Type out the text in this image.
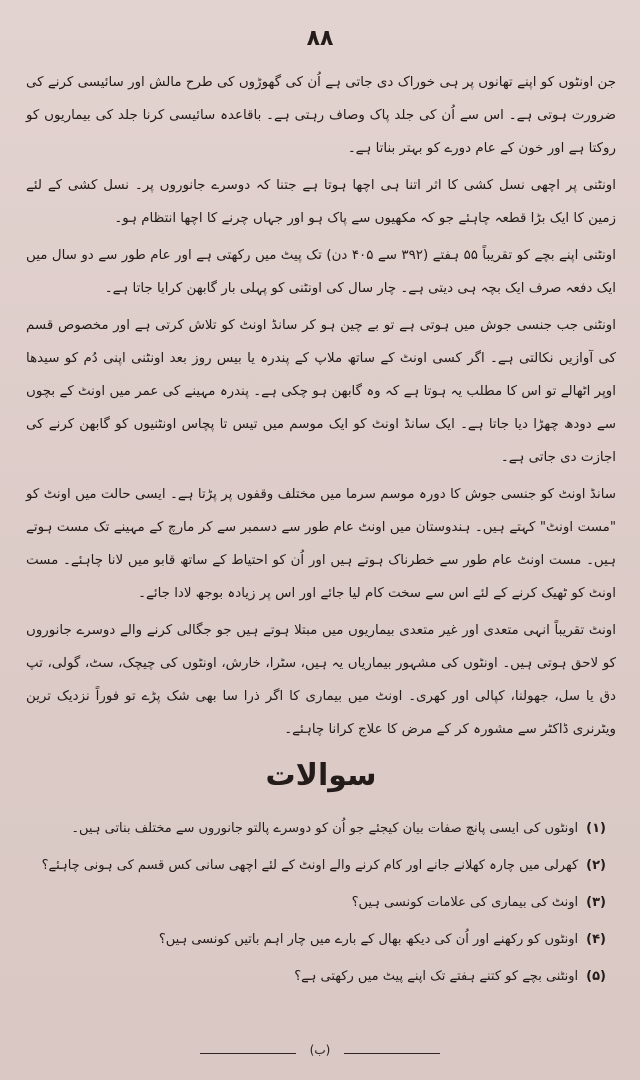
٨٨

جن اونٹوں کو اپنے تھانوں پر ہی خوراک دی جاتی ہے اُن کی گھوڑوں کی طرح مالش اور سائیسی کرنے کی ضرورت ہوتی ہے۔ اس سے اُن کی جلد پاک وصاف رہتی ہے۔ باقاعدہ سائیسی کرنا جلد کی بیماریوں کو روکتا ہے اور خون کے عام دورے کو بہتر بناتا ہے۔

اونٹنی پر اچھی نسل کشی کا اثر اتنا ہی اچھا ہوتا ہے جتنا کہ دوسرے جانوروں پر۔ نسل کشی کے لئے زمین کا ایک بڑا قطعہ چاہئے جو کہ مکھیوں سے پاک ہو اور جہاں چرنے کا اچھا انتظام ہو۔

اونٹنی اپنے بچے کو تقریباً ۵۵ ہفتے (۳۹۲ سے ۴۰۵ دن) تک پیٹ میں رکھتی ہے اور عام طور سے دو سال میں ایک دفعہ صرف ایک بچہ ہی دیتی ہے۔ چار سال کی اونٹنی کو پہلی بار گابھن کرایا جاتا ہے۔

اونٹنی جب جنسی جوش میں ہوتی ہے تو بے چین ہو کر سانڈ اونٹ کو تلاش کرتی ہے اور مخصوص قسم کی آوازیں نکالتی ہے۔ اگر کسی اونٹ کے ساتھ ملاپ کے پندرہ یا بیس روز بعد اونٹنی اپنی دُم کو سیدھا اوپر اٹھالے تو اس کا مطلب یہ ہوتا ہے کہ وہ گابھن ہو چکی ہے۔ پندرہ مہینے کی عمر میں اونٹ کے بچوں سے دودھ چھڑا دیا جاتا ہے۔ ایک سانڈ اونٹ کو ایک موسم میں تیس تا پچاس اونٹنیوں کو گابھن کرنے کی اجازت دی جاتی ہے۔

سانڈ اونٹ کو جنسی جوش کا دورہ موسم سرما میں مختلف وقفوں پر پڑتا ہے۔ ایسی حالت میں اونٹ کو "مست اونٹ" کہتے ہیں۔ ہندوستان میں اونٹ عام طور سے دسمبر سے کر مارچ کے مہینے تک مست ہوتے ہیں۔ مست اونٹ عام طور سے خطرناک ہوتے ہیں اور اُن کو احتیاط کے ساتھ قابو میں لانا چاہئے۔ مست اونٹ کو ٹھیک کرنے کے لئے اس سے سخت کام لیا جائے اور اس پر زیادہ بوجھ لادا جائے۔

اونٹ تقریباً انہی متعدی اور غیر متعدی بیماریوں میں مبتلا ہوتے ہیں جو جگالی کرنے والے دوسرے جانوروں کو لاحق ہوتی ہیں۔ اونٹوں کی مشہور بیماریاں یہ ہیں، سٹرا، خارش، اونٹوں کی چیچک، سٹ، گولی، تپ دق یا سل، جھولنا، کپالی اور کھری۔ اونٹ میں بیماری کا اگر ذرا سا بھی شک پڑے تو فوراً نزدیک ترین ویٹرنری ڈاکٹر سے مشورہ کر کے مرض کا علاج کرانا چاہئے۔

سوالات
(۱)
اونٹوں کی ایسی پانچ صفات بیان کیجئے جو اُن کو دوسرے پالتو جانوروں سے مختلف بناتی ہیں۔
(۲)
کھرلی میں چارہ کھلانے جانے اور کام کرنے والے اونٹ کے لئے اچھی سانی کس قسم کی ہونی چاہئے؟
(۳)
اونٹ کی بیماری کی علامات کونسی ہیں؟
(۴)
اونٹوں کو رکھنے اور اُن کی دیکھ بھال کے بارے میں چار اہم باتیں کونسی ہیں؟
(۵)
اونٹنی بچے کو کتنے ہفتے تک اپنے پیٹ میں رکھتی ہے؟
(ب)
